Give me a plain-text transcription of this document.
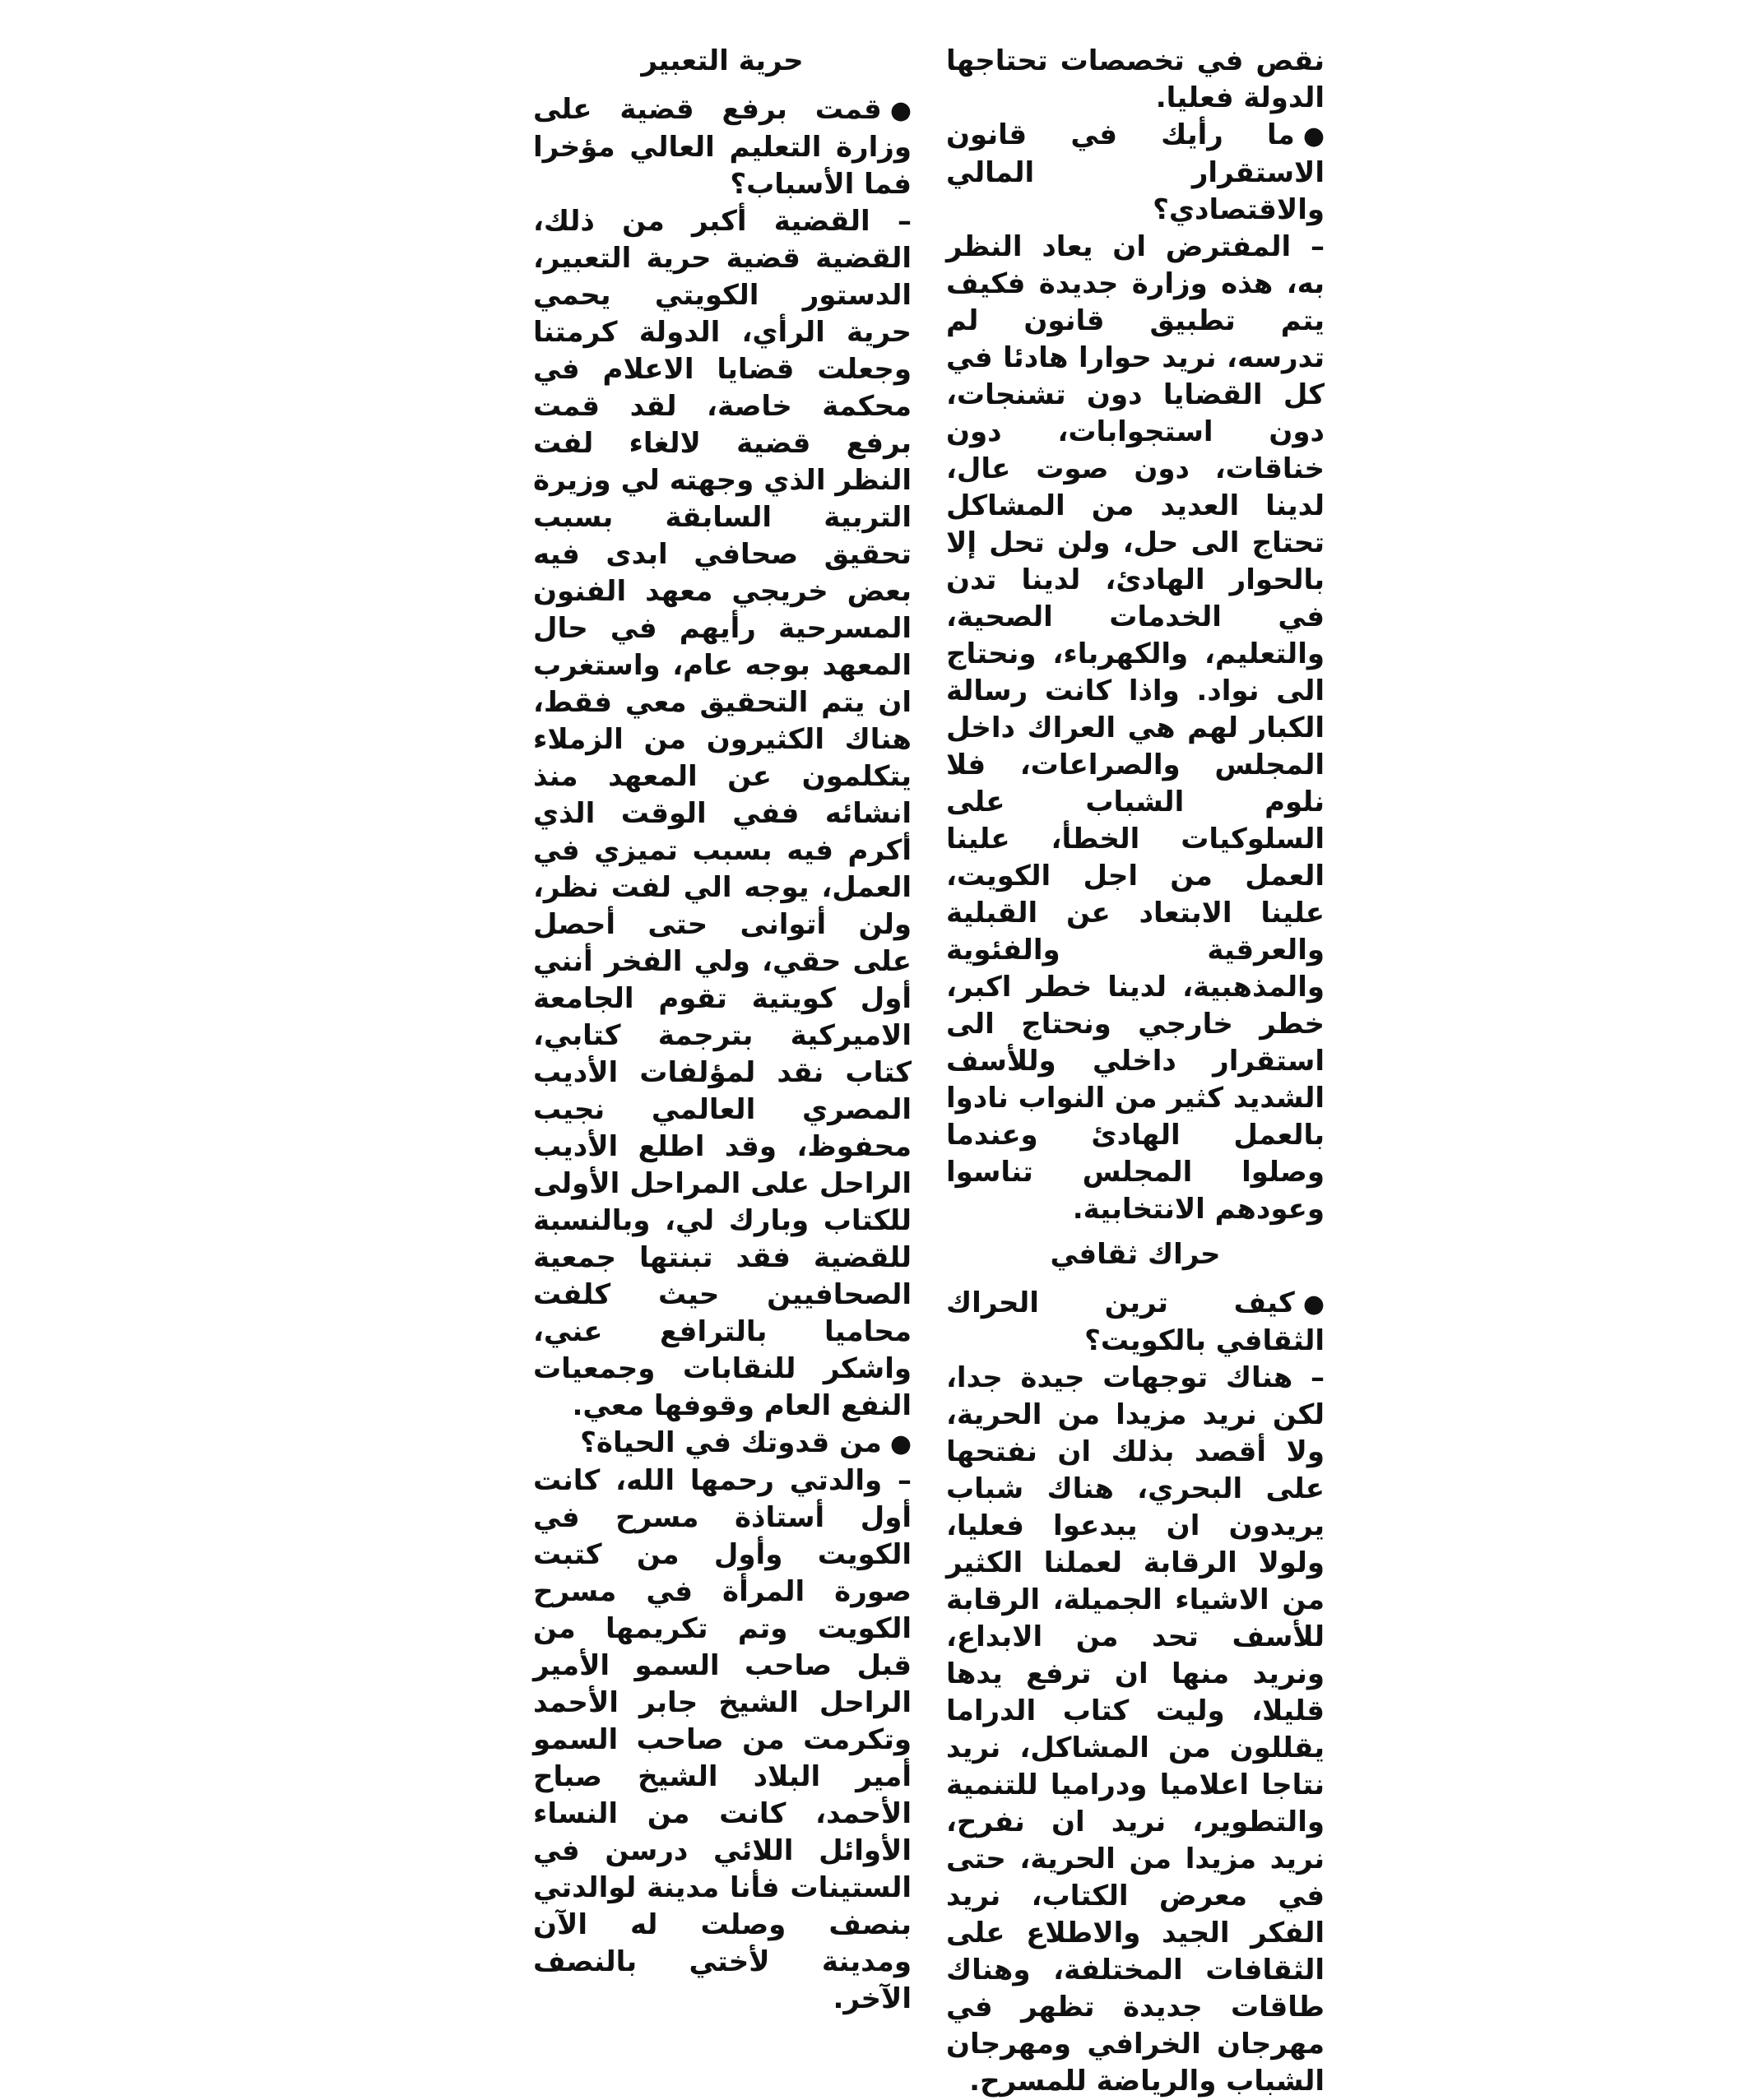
نقص في تخصصات تحتاجها الدولة فعليا.

●ما رأيك في قانون الاستقرار المالي والاقتصادي؟

– المفترض ان يعاد النظر به، هذه وزارة جديدة فكيف يتم تطبيق قانون لم تدرسه، نريد حوارا هادئا في كل القضايا دون تشنجات، دون استجوابات، دون خناقات، دون صوت عال، لدينا العديد من المشاكل تحتاج الى حل، ولن تحل إلا بالحوار الهادئ، لدينا تدن في الخدمات الصحية، والتعليم، والكهرباء، ونحتاج الى نواد. واذا كانت رسالة الكبار لهم هي العراك داخل المجلس والصراعات، فلا نلوم الشباب على السلوكيات الخطأ، علينا العمل من اجل الكويت، علينا الابتعاد عن القبلية والعرقية والفئوية والمذهبية، لدينا خطر اكبر، خطر خارجي ونحتاج الى استقرار داخلي وللأسف الشديد كثير من النواب نادوا بالعمل الهادئ وعندما وصلوا المجلس تناسوا وعودهم الانتخابية.

حراك ثقافي

●كيف ترين الحراك الثقافي بالكويت؟

– هناك توجهات جيدة جدا، لكن نريد مزيدا من الحرية، ولا أقصد بذلك ان نفتحها على البحري، هناك شباب يريدون ان يبدعوا فعليا، ولولا الرقابة لعملنا الكثير من الاشياء الجميلة، الرقابة للأسف تحد من الابداع، ونريد منها ان ترفع يدها قليلا، وليت كتاب الدراما يقللون من المشاكل، نريد نتاجا اعلاميا ودراميا للتنمية والتطوير، نريد ان نفرح، نريد مزيدا من الحرية، حتى في معرض الكتاب، نريد الفكر الجيد والاطلاع على الثقافات المختلفة، وهناك طاقات جديدة تظهر في مهرجان الخرافي ومهرجان الشباب والرياضة للمسرح.

حرية التعبير

●قمت برفع قضية على وزارة التعليم العالي مؤخرا فما الأسباب؟

– القضية أكبر من ذلك، القضية قضية حرية التعبير، الدستور الكويتي يحمي حرية الرأي، الدولة كرمتنا وجعلت قضايا الاعلام في محكمة خاصة، لقد قمت برفع قضية لالغاء لفت النظر الذي وجهته لي وزيرة التربية السابقة بسبب تحقيق صحافي ابدى فيه بعض خريجي معهد الفنون المسرحية رأيهم في حال المعهد بوجه عام، واستغرب ان يتم التحقيق معي فقط، هناك الكثيرون من الزملاء يتكلمون عن المعهد منذ انشائه ففي الوقت الذي أكرم فيه بسبب تميزي في العمل، يوجه الي لفت نظر، ولن أتوانى حتى أحصل على حقي، ولي الفخر أنني أول كويتية تقوم الجامعة الاميركية بترجمة كتابي، كتاب نقد لمؤلفات الأديب المصري العالمي نجيب محفوظ، وقد اطلع الأديب الراحل على المراحل الأولى للكتاب وبارك لي، وبالنسبة للقضية فقد تبنتها جمعية الصحافيين حيث كلفت محاميا بالترافع عني، واشكر للنقابات وجمعيات النفع العام وقوفها معي.

●من قدوتك في الحياة؟

– والدتي رحمها الله، كانت أول أستاذة مسرح في الكويت وأول من كتبت صورة المرأة في مسرح الكويت وتم تكريمها من قبل صاحب السمو الأمير الراحل الشيخ جابر الأحمد وتكرمت من صاحب السمو أمير البلاد الشيخ صباح الأحمد، كانت من النساء الأوائل اللائي درسن في الستينات فأنا مدينة لوالدتي بنصف وصلت له الآن ومدينة لأختي بالنصف الآخر.
